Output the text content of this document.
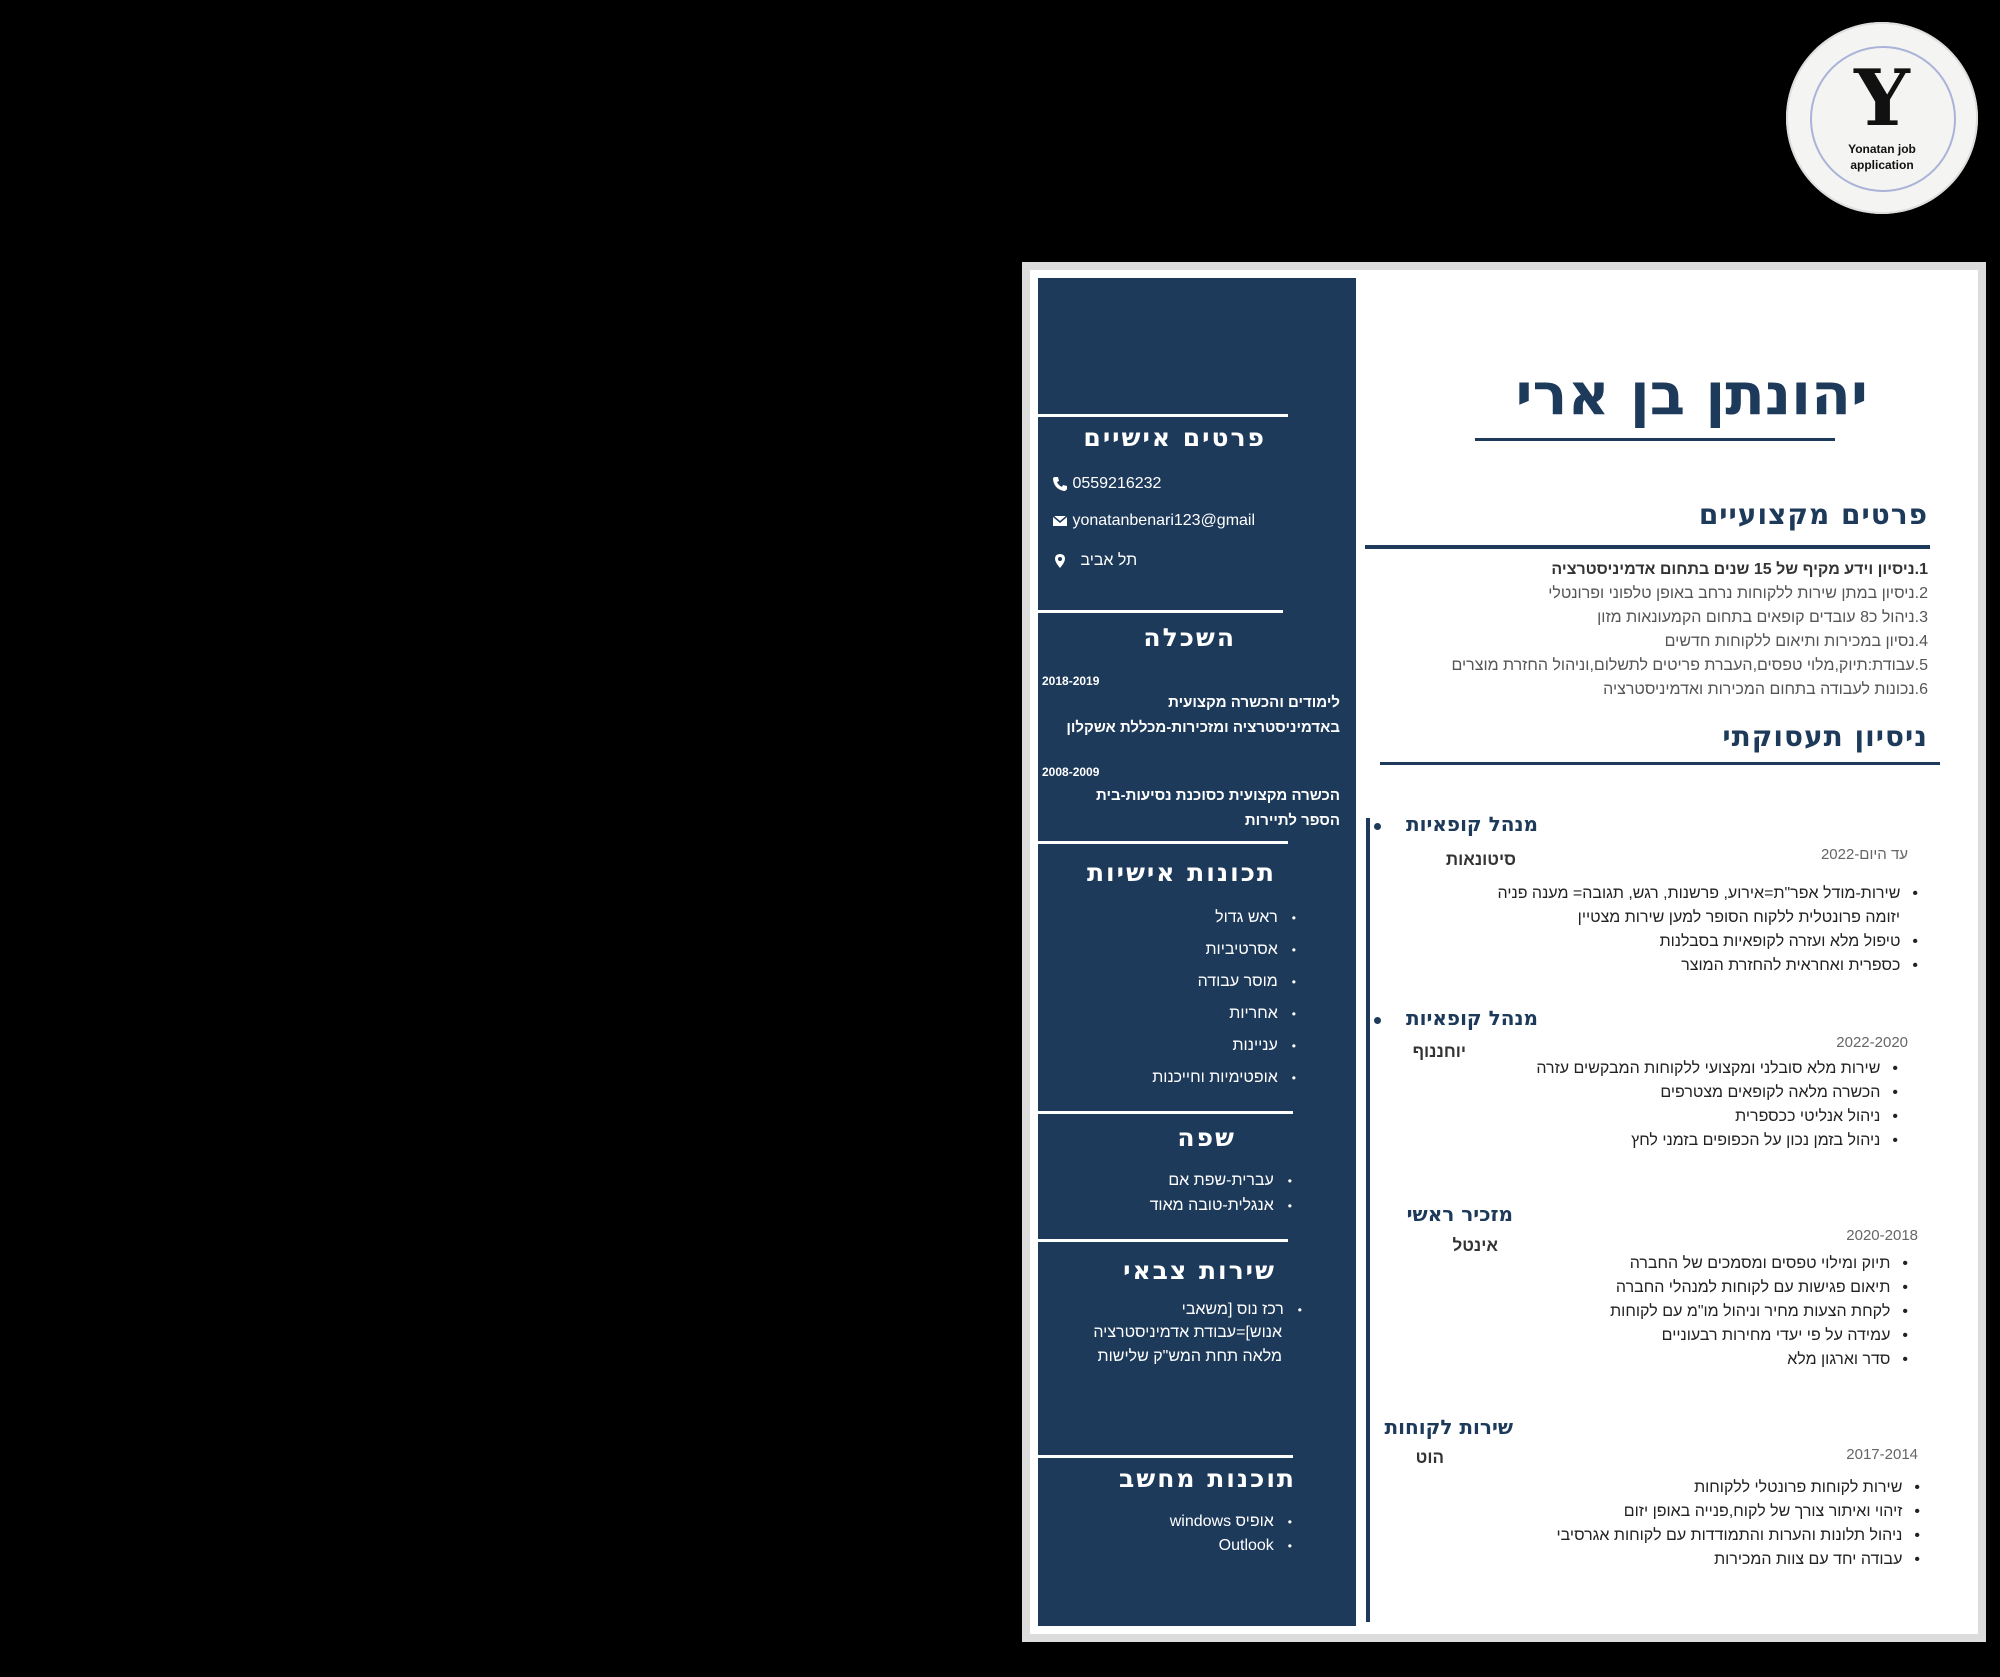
Y
Yonatan job application
פרטים אישיים
0559216232
yonatanbenari123@gmail
תל אביב
השכלה
2018-2019
לימודים והכשרה מקצועית
באדמיניסטרציה ומזכירות-מכללת אשקלון
2008-2009
הכשרה מקצועית כסוכנת נסיעות-בית
הספר לתיירות
תכונות אישיות
• ראש גדול
• אסרטיביות
• מוסר עבודה
• אחריות
• עניינות
• אופטימיות וחייכנות
שפה
• עברית-שפת אם
• אנגלית-טובה מאוד
שירות צבאי
• רכז נוס [משאבי
אנוש]=עבודת אדמיניסטרציה
מלאה תחת המש"ק שלישות
תוכנות מחשב
• אופיס windows
• Outlook
יהונתן בן ארי
פרטים מקצועיים
1.ניסיון וידע מקיף של 15 שנים בתחום אדמיניסטרציה
2.ניסיון במתן שירות ללקוחות נרחב באופן טלפוני ופרונטלי
3.ניהול כ8 עובדים קופאים בתחום הקמעונאות מזון
4.נסיון במכירות ותיאום ללקוחות חדשים
5.עבודת:תיוק,מלוי טפסים,העברת פריטים לתשלום,וניהול החזרת מוצרים
6.נכונות לעבודה בתחום המכירות ואדמיניסטרציה
ניסיון תעסוקתי
מנהל קופאיות
סיטונאות	עד היום-2022
• שירות-מודל אפר"ת=אירוע, פרשנות, רגש, תגובה= מענה פניה
יזומה פרונטלית ללקוח הסופר למען שירות מצטיין
• טיפול מלא ועזרה לקופאיות בסבלנות
• כספרית ואחראית להחזרת המוצר
מנהל קופאיות
יוחננוף	2022-2020
• שירות מלא סובלני ומקצועי ללקוחות המבקשים עזרה
• הכשרה מלאה לקופאים מצטרפים
• ניהול אנליטי ככספרית
• ניהול בזמן נכון על הכפופים בזמני לחץ
מזכיר ראשי
אינטל
2020-2018
• תיוק ומילוי טפסים ומסמכים של החברה
• תיאום פגישות עם לקוחות למנהלי החברה
• לקחת הצעות מחיר וניהול מו"מ עם לקוחות
• עמידה על פי יעדי מחירות רבעוניים
• סדר וארגון מלא
שירות לקוחות
הוט	2017-2014
• שירות לקוחות פרונטלי ללקוחות
• זיהוי ואיתור צורך של לקוח,פנייה באופן יזום
• ניהול תלונות והערות והתמודדות עם לקוחות אגרסיבי
• עבודה יחד עם צוות המכירות
